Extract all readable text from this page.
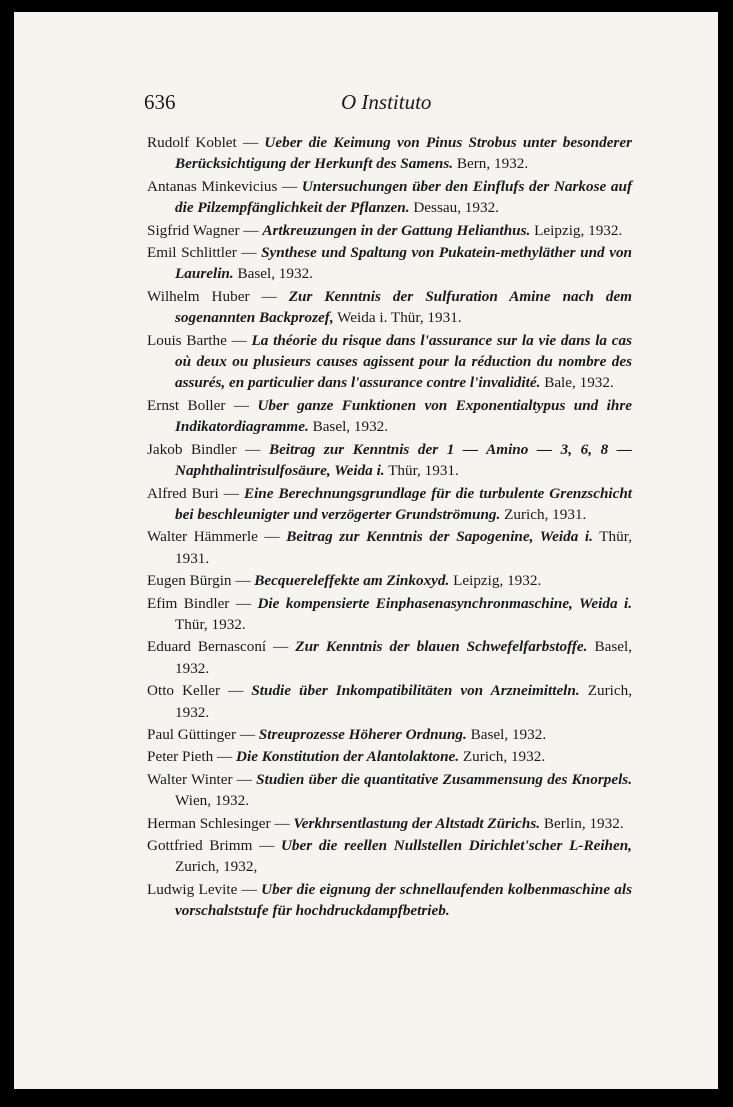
636	O Instituto
Rudolf Koblet — Ueber die Keimung von Pinus Strobus unter besonderer Berücksichtigung der Herkunft des Samens. Bern, 1932.
Antanas Minkevicius — Untersuchungen über den Einflufs der Narkose auf die Pilzempfänglichkeit der Pflanzen. Dessau, 1932.
Sigfrid Wagner — Artkreuzungen in der Gattung Helianthus. Leipzig, 1932.
Emil Schlittler — Synthese und Spaltung von Pukatein-methyläther und von Laurelin. Basel, 1932.
Wilhelm Huber — Zur Kenntnis der Sulfuration Amine nach dem sogenannten Backprozef, Weida i. Thür, 1931.
Louis Barthe — La théorie du risque dans l'assurance sur la vie dans la cas où deux ou plusieurs causes agissent pour la réduction du nombre des assurés, en particulier dans l'assurance contre l'invalidité. Bale, 1932.
Ernst Boller — Uber ganze Funktionen von Exponentialtypus und ihre Indikatordiagramme. Basel, 1932.
Jakob Bindler — Beitrag zur Kenntnis der 1 — Amino — 3, 6, 8 — Naphthalintrisulfosäure, Weida i. Thür, 1931.
Alfred Buri — Eine Berechnungsgrundlage für die turbulente Grenzschicht bei beschleunigter und verzögerter Grundströmung. Zurich, 1931.
Walter Hämmerle — Beitrag zur Kenntnis der Sapogenine, Weida i. Thür, 1931.
Eugen Bürgin — Becquereleffekte am Zinkoxyd. Leipzig, 1932.
Efim Bindler — Die kompensierte Einphasenasynchronmaschine, Weida i. Thür, 1932.
Eduard Bernasconí — Zur Kenntnis der blauen Schwefelfarbstoffe. Basel, 1932.
Otto Keller — Studie über Inkompatibilitäten von Arzneimitteln. Zurich, 1932.
Paul Güttinger — Streuprozesse Höherer Ordnung. Basel, 1932.
Peter Pieth — Die Konstitution der Alantolaktone. Zurich, 1932.
Walter Winter — Studien über die quantitative Zusammensung des Knorpels. Wien, 1932.
Herman Schlesinger — Verkhrsentlastung der Altstadt Zürichs. Berlin, 1932.
Gottfried Brimm — Uber die reellen Nullstellen Dirichlet'scher L-Reihen, Zurich, 1932,
Ludwig Levite — Uber die eignung der schnellaufenden kolbenmaschine als vorschalststufe für hochdruckdampfbetrieb.
